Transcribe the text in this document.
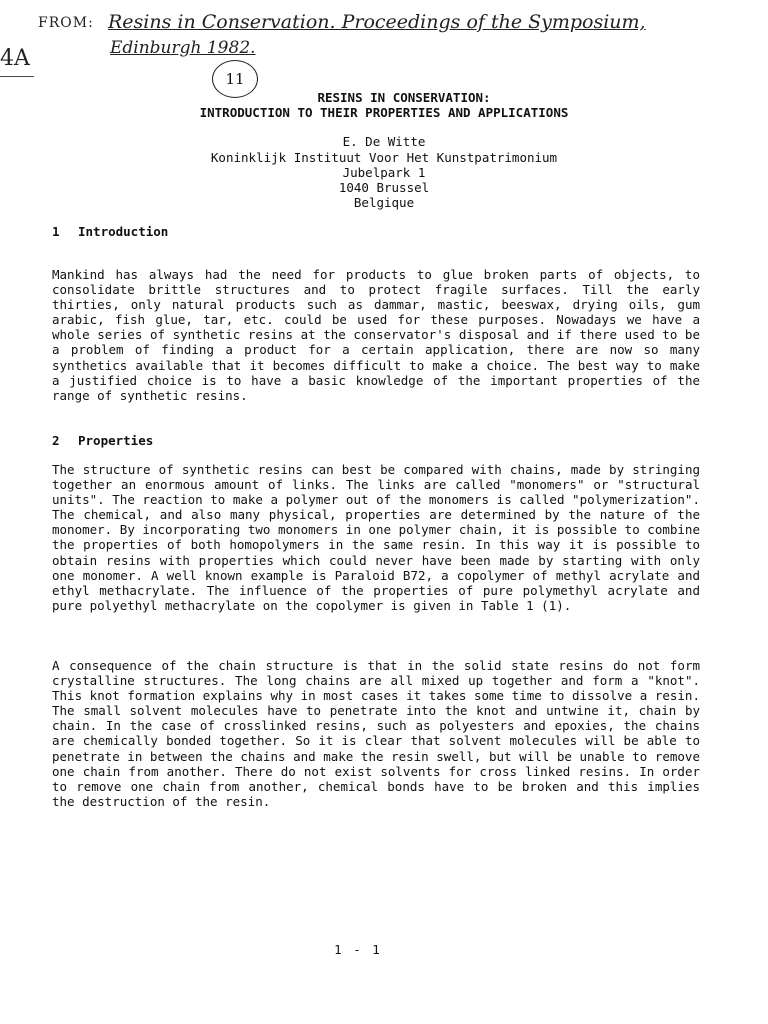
FROM: Resins in Conservation. Proceedings of the Symposium,
Edinburgh 1982.
4A
11
RESINS IN CONSERVATION:
INTRODUCTION TO THEIR PROPERTIES AND APPLICATIONS
E. De Witte
Koninklijk Instituut Voor Het Kunstpatrimonium
Jubelpark 1
1040 Brussel
Belgique
1 Introduction

Mankind has always had the need for products to glue broken parts of objects, to consolidate brittle structures and to protect fragile surfaces. Till the early thirties, only natural products such as dammar, mastic, beeswax, drying oils, gum arabic, fish glue, tar, etc. could be used for these purposes. Nowadays we have a whole series of synthetic resins at the conservator's disposal and if there used to be a problem of finding a product for a certain application, there are now so many synthetics available that it becomes difficult to make a choice. The best way to make a justified choice is to have a basic knowledge of the important properties of the range of synthetic resins.

2 Properties

The structure of synthetic resins can best be compared with chains, made by stringing together an enormous amount of links. The links are called "monomers" or "structural units". The reaction to make a polymer out of the monomers is called "polymerization". The chemical, and also many physical, properties are determined by the nature of the monomer. By incorporating two monomers in one polymer chain, it is possible to combine the properties of both homopolymers in the same resin. In this way it is possible to obtain resins with properties which could never have been made by starting with only one monomer. A well known example is Paraloid B72, a copolymer of methyl acrylate and ethyl methacrylate. The influence of the properties of pure polymethyl acrylate and pure polyethyl methacrylate on the copolymer is given in Table 1 (1).

A consequence of the chain structure is that in the solid state resins do not form crystalline structures. The long chains are all mixed up together and form a "knot". This knot formation explains why in most cases it takes some time to dissolve a resin. The small solvent molecules have to penetrate into the knot and untwine it, chain by chain. In the case of crosslinked resins, such as polyesters and epoxies, the chains are chemically bonded together. So it is clear that solvent molecules will be able to penetrate in between the chains and make the resin swell, but will be unable to remove one chain from another. There do not exist solvents for cross linked resins. In order to remove one chain from another, chemical bonds have to be broken and this implies the destruction of the resin.

1 - 1
